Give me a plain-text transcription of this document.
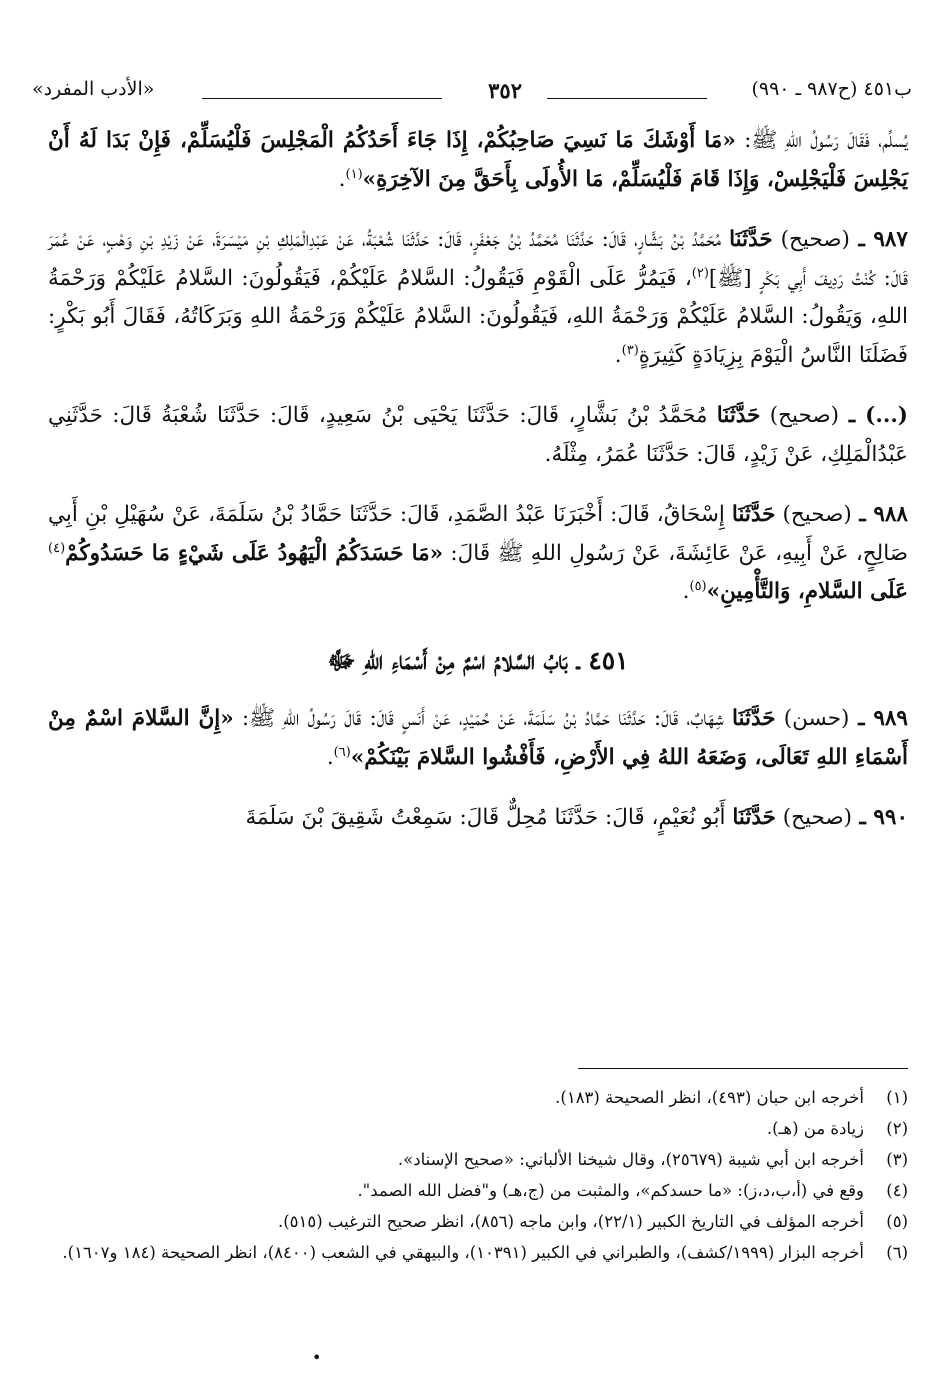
ب٤٥١ (ح٩٨٧ ـ ٩٩٠)
٣٥٢
«الأدب المفرد»

يُسلِّم، فَقَالَ رَسُولُ اللهِ ﷺ: «مَا أَوْشَكَ مَا نَسِيَ صَاحِبُكُمْ، إِذَا جَاءَ أَحَدُكُمُ الْمَجْلِسَ فَلْيُسَلِّمْ، فَإِنْ بَدَا لَهُ أَنْ يَجْلِسَ فَلْيَجْلِسْ، وَإِذَا قَامَ فَلْيُسَلِّمْ، مَا الأُولَى بِأَحَقَّ مِنَ الآخِرَةِ»$^{(١)}$.

٩٨٧ ـ (صحيح) حَدَّثَنَا مُحَمَّدُ بْنُ بَشَّارٍ، قَالَ: حَدَّثَنَا مُحَمَّدُ بْنُ جَعْفَرٍ، قَالَ: حَدَّثَنَا شُعْبَةُ، عَنْ عَبْدِالْمَلِكِ بْنِ مَيْسَرَةَ، عَنْ زَيْدِ بْنِ وَهْبٍ، عَنْ عُمَرَ قَالَ: كُنْتُ رَدِيفَ أَبِي بَكْرٍ [ﷺ]$^{(٢)}$، فَيَمُرُّ عَلَى الْقَوْمِ فَيَقُولُ: السَّلامُ عَلَيْكُمْ، فَيَقُولُونَ: السَّلامُ عَلَيْكُمْ وَرَحْمَةُ اللهِ، وَيَقُولُ: السَّلامُ عَلَيْكُمْ وَرَحْمَةُ اللهِ، فَيَقُولُونَ: السَّلامُ عَلَيْكُمْ وَرَحْمَةُ اللهِ وَبَرَكَاتُهُ، فَقَالَ أَبُو بَكْرٍ: فَضَلَنَا النَّاسُ الْيَوْمَ بِزِيَادَةٍ كَثِيرَةٍ$^{(٣)}$.

(...) ـ (صحيح) حَدَّثَنَا مُحَمَّدُ بْنُ بَشَّارٍ، قَالَ: حَدَّثَنَا يَحْيَى بْنُ سَعِيدٍ، قَالَ: حَدَّثَنَا شُعْبَةُ قَالَ: حَدَّثَنِي عَبْدُالْمَلِكِ، عَنْ زَيْدٍ، قَالَ: حَدَّثَنَا عُمَرُ، مِثْلَهُ.

٩٨٨ ـ (صحيح) حَدَّثَنَا إِسْحَاقُ، قَالَ: أَخْبَرَنَا عَبْدُ الصَّمَدِ، قَالَ: حَدَّثَنَا حَمَّادُ بْنُ سَلَمَةَ، عَنْ سُهَيْلِ بْنِ أَبِي صَالِحٍ، عَنْ أَبِيهِ، عَنْ عَائِشَةَ، عَنْ رَسُولِ اللهِ ﷺ قَالَ: «مَا حَسَدَكُمُ الْيَهُودُ عَلَى شَيْءٍ مَا حَسَدُوكُمْ$^{(٤)}$ عَلَى السَّلامِ، وَالتَّأْمِينِ»$^{(٥)}$.

٤٥١ ـ بَابُ السَّلامُ اسْمٌ مِنْ أَسْمَاءِ اللهِ ﷻ

٩٨٩ ـ (حسن) حَدَّثَنَا شِهَابٌ، قَالَ: حَدَّثَنَا حَمَّادُ بْنُ سَلَمَةَ، عَنْ حُمَيْدٍ، عَنْ أَنَسٍ قَالَ: قَالَ رَسُولُ اللهِ ﷺ: «إِنَّ السَّلامَ اسْمٌ مِنْ أَسْمَاءِ اللهِ تَعَالَى، وَضَعَهُ اللهُ فِي الأَرْضِ، فَأَفْشُوا السَّلامَ بَيْنَكُمْ»$^{(٦)}$.

٩٩٠ ـ (صحيح) حَدَّثَنَا أَبُو نُعَيْمٍ، قَالَ: حَدَّثَنَا مُحِلٌّ قَالَ: سَمِعْتُ شَقِيقَ بْنَ سَلَمَةَ

(١)
أخرجه ابن حبان (٤٩٣)، انظر الصحيحة (١٨٣).
(٢)
زيادة من (هـ).
(٣)
أخرجه ابن أبي شيبة (٢٥٦٧٩)، وقال شيخنا الألباني: «صحيح الإسناد».
(٤)
وقع في (أ،ب،د،ز): «ما حسدكم»، والمثبت من (ج،هـ) و"فضل الله الصمد".
(٥)
أخرجه المؤلف في التاريخ الكبير (٢٢/١)، وابن ماجه (٨٥٦)، انظر صحيح الترغيب (٥١٥).
(٦)
أخرجه البزار (١٩٩٩/كشف)، والطبراني في الكبير (١٠٣٩١)، والبيهقي في الشعب (٨٤٠٠)، انظر الصحيحة (١٨٤ و١٦٠٧).
•
